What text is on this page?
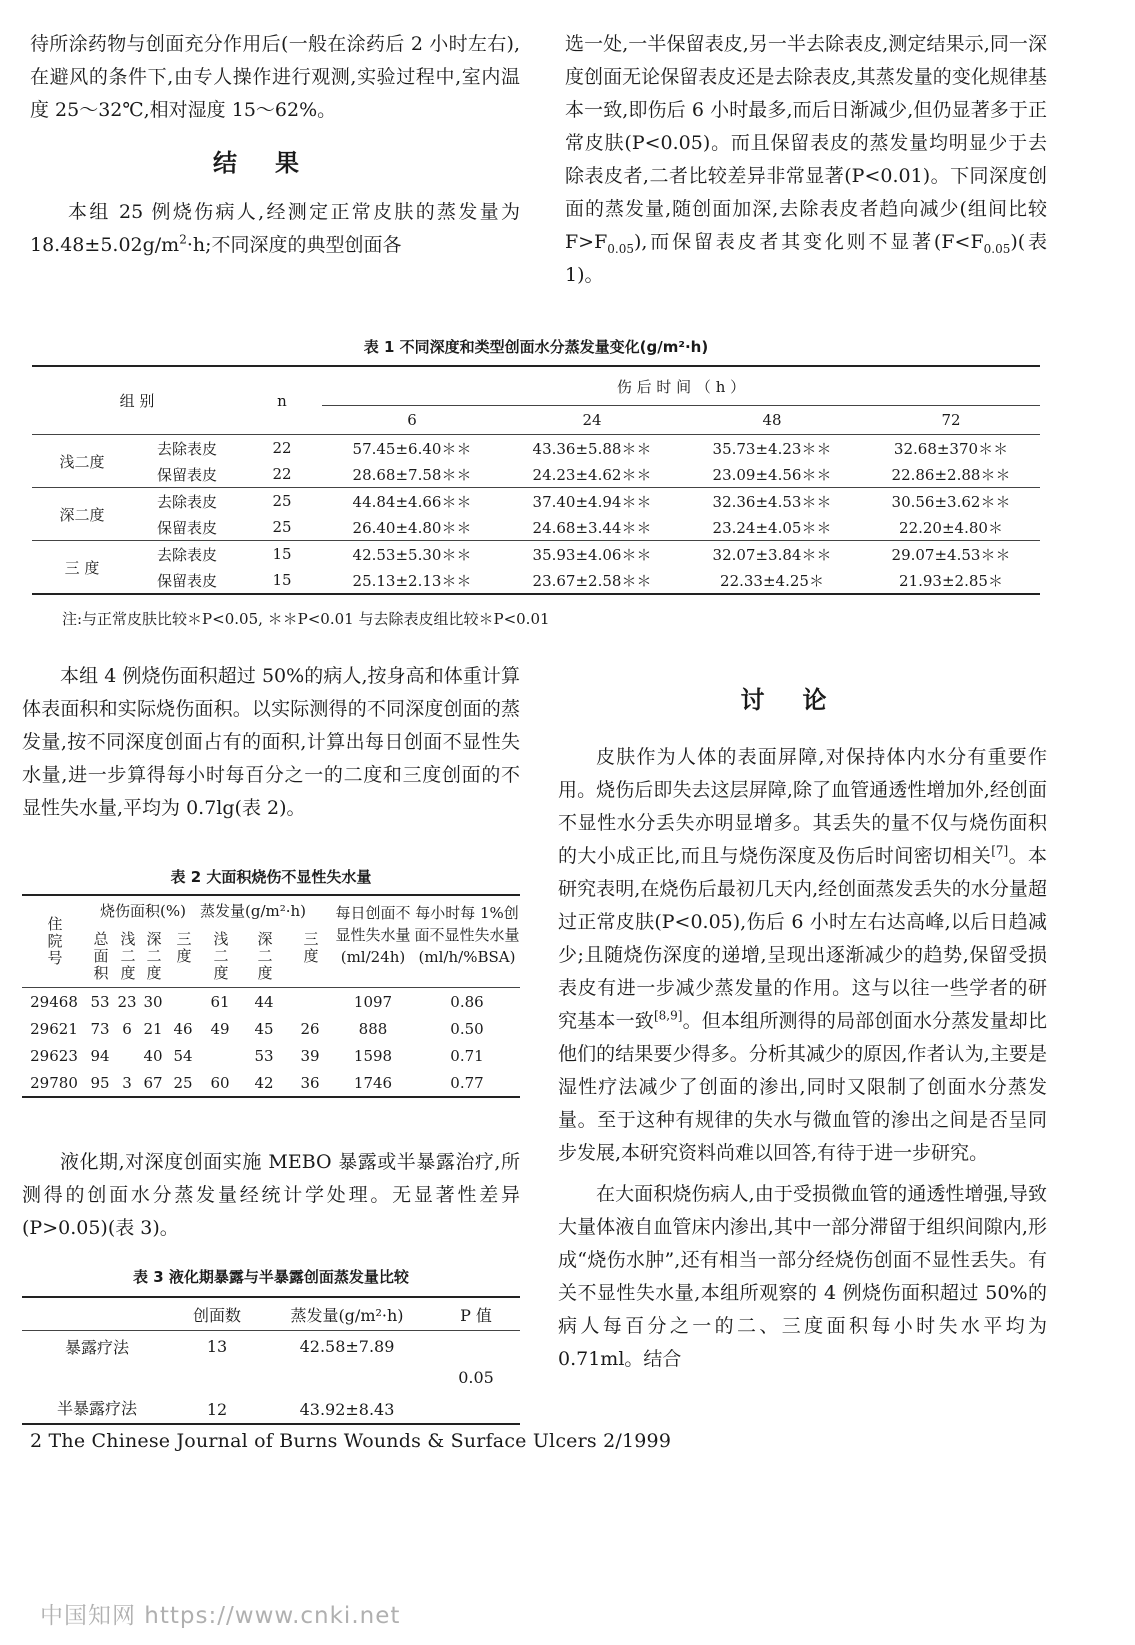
待所涂药物与创面充分作用后(一般在涂药后 2 小时左右),在避风的条件下,由专人操作进行观测,实验过程中,室内温度 25～32℃,相对湿度 15～62%。

结果

本组 25 例烧伤病人,经测定正常皮肤的蒸发量为 $18.48\pm 5.02g/m^2\cdot h$;不同深度的典型创面各

选一处,一半保留表皮,另一半去除表皮,测定结果示,同一深度创面无论保留表皮还是去除表皮,其蒸发量的变化规律基本一致,即伤后 6 小时最多,而后日渐减少,但仍显著多于正常皮肤(P<0.05)。而且保留表皮的蒸发量均明显少于去除表皮者,二者比较差异非常显著(P<0.01)。下同深度创面的蒸发量,随创面加深,去除表皮者趋向减少(组间比较 $F>F_{0.05}$),而保留表皮者其变化则不显著$(F<F_{0.05})$(表 1)。

表 1 不同深度和类型创面水分蒸发量变化(g/m²·h)
组 别		n	伤 后 时 间 （ h ）			
			6	24	48	72
浅二度	去除表皮	22	57.45±6.40＊＊	43.36±5.88＊＊	35.73±4.23＊＊	32.68±370＊＊
	保留表皮	22	28.68±7.58＊＊	24.23±4.62＊＊	23.09±4.56＊＊	22.86±2.88＊＊
深二度	去除表皮	25	44.84±4.66＊＊	37.40±4.94＊＊	32.36±4.53＊＊	30.56±3.62＊＊
	保留表皮	25	26.40±4.80＊＊	24.68±3.44＊＊	23.24±4.05＊＊	22.20±4.80＊
三 度	去除表皮	15	42.53±5.30＊＊	35.93±4.06＊＊	32.07±3.84＊＊	29.07±4.53＊＊
	保留表皮	15	25.13±2.13＊＊	23.67±2.58＊＊	22.33±4.25＊	21.93±2.85＊
注:与正常皮肤比较＊P<0.05, ＊＊P<0.01 与去除表皮组比较＊P<0.01

本组 4 例烧伤面积超过 50%的病人,按身高和体重计算体表面积和实际烧伤面积。以实际测得的不同深度创面的蒸发量,按不同深度创面占有的面积,计算出每日创面不显性失水量,进一步算得每小时每百分之一的二度和三度创面的不显性失水量,平均为 0.7lg(表 2)。

表 2 大面积烧伤不显性失水量
住院号	烧伤面积(%)				蒸发量(g/m²·h)			每日创面不显性失水量(ml/24h)	每小时每 1%创面不显性失水量(ml/h/%BSA)
	总面积	浅二度	深二度	三度	浅二度	深二度	三度		
29468	53	23	30		61	44		1097	0.86
29621	73	6	21	46	49	45	26	888	0.50
29623	94		40	54		53	39	1598	0.71
29780	95	3	67	25	60	42	36	1746	0.77

液化期,对深度创面实施 MEBO 暴露或半暴露治疗,所测得的创面水分蒸发量经统计学处理。无显著性差异(P>0.05)(表 3)。

表 3 液化期暴露与半暴露创面蒸发量比较
	创面数	蒸发量(g/m²·h)	P 值
暴露疗法	13	42.58±7.89	0.05
半暴露疗法	12	43.92±8.43	

讨论

皮肤作为人体的表面屏障,对保持体内水分有重要作用。烧伤后即失去这层屏障,除了血管通透性增加外,经创面不显性水分丢失亦明显增多。其丢失的量不仅与烧伤面积的大小成正比,而且与烧伤深度及伤后时间密切相关[7]。本研究表明,在烧伤后最初几天内,经创面蒸发丢失的水分量超过正常皮肤(P<0.05),伤后 6 小时左右达高峰,以后日趋减少;且随烧伤深度的递增,呈现出逐渐减少的趋势,保留受损表皮有进一步减少蒸发量的作用。这与以往一些学者的研究基本一致[8,9]。但本组所测得的局部创面水分蒸发量却比他们的结果要少得多。分析其减少的原因,作者认为,主要是湿性疗法减少了创面的渗出,同时又限制了创面水分蒸发量。至于这种有规律的失水与微血管的渗出之间是否呈同步发展,本研究资料尚难以回答,有待于进一步研究。

在大面积烧伤病人,由于受损微血管的通透性增强,导致大量体液自血管床内渗出,其中一部分滞留于组织间隙内,形成“烧伤水肿”,还有相当一部分经烧伤创面不显性丢失。有关不显性失水量,本组所观察的 4 例烧伤面积超过 50%的病人每百分之一的二、三度面积每小时失水平均为 0.71ml。结合

2 The Chinese Journal of Burns Wounds & Surface Ulcers 2/1999
中国知网 https://www.cnki.net
